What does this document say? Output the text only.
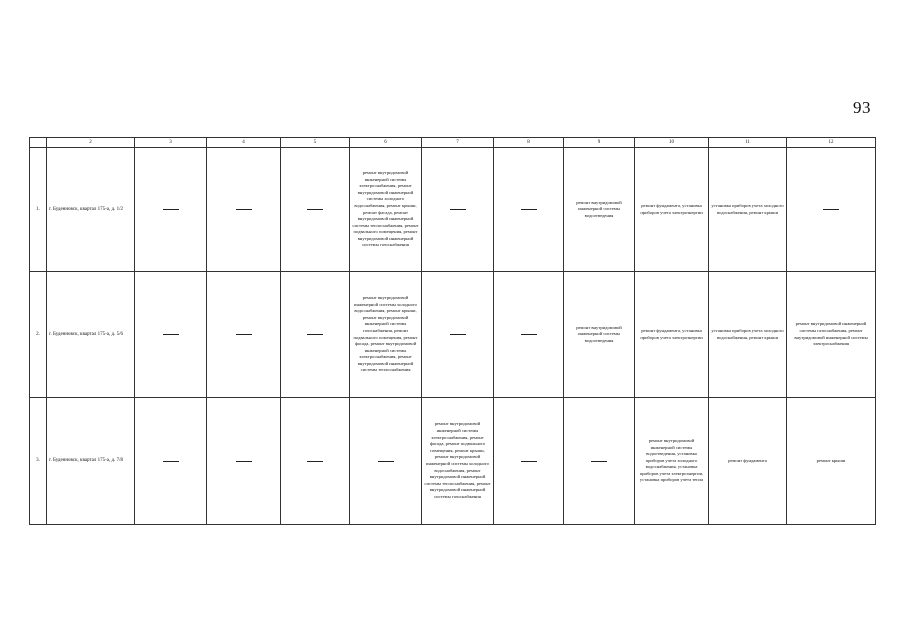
93
	2	3	4	5	6	7	8	9	10	11	12
1.	г. Буденновск, квартал 175-а, д. 1/2				ремонт внутридомовой инженерной системы электроснабжения, ремонт внутридомовой инженерной системы холодного водоснабжения, ремонт крыши, ремонт фасада, ремонт внутридомовой инженерной системы теплоснабжения, ремонт подвального помещения, ремонт внутридомовой инженерной системы газоснабжения			ремонт внутридомовой инженерной системы водоотведения	ремонт фундамента, установка приборов учета электроэнергии	установка приборов учета холодного водоснабжения, ремонт крыши	
2.	г. Буденновск, квартал 175-а, д. 5/6				ремонт внутридомовой инженерной системы холодного водоснабжения, ремонт крыши, ремонт внутридомовой инженерной системы газоснабжения, ремонт подвального помещения, ремонт фасада, ремонт внутридомовой инженерной системы электроснабжения, ремонт внутридомовой инженерной системы теплоснабжения			ремонт внутридомовой инженерной системы водоотведения	ремонт фундамента, установка приборов учета электроэнергии	установка приборов учета холодного водоснабжения, ремонт крыши	ремонт внутридомовой инженерной системы газоснабжения, ремонт внутридомовой инженерной системы электроснабжения
3.	г. Буденновск, квартал 175-а, д. 7/8					ремонт внутридомовой инженерной системы электроснабжения, ремонт фасада, ремонт подвального помещения, ремонт крыши, ремонт внутридомовой инженерной системы холодного водоснабжения, ремонт внутридомовой инженерной системы теплоснабжения, ремонт внутридомовой инженерной системы газоснабжения			ремонт внутридомовой инженерной системы водоотведения, установка приборов учета холодного водоснабжения, установка приборов учета электроэнергии, установка приборов учета тепла	ремонт фундамента	ремонт крыши
